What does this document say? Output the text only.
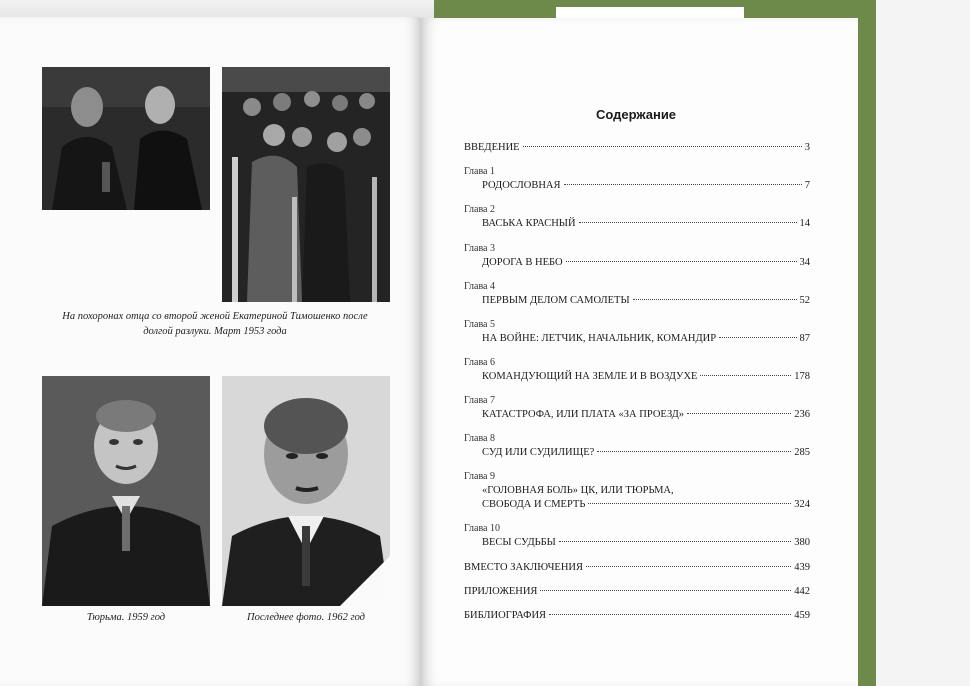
На похоронах отца со второй женой Екатериной Тимошенко после долгой разлуки. Март 1953 года
Тюрьма. 1959 год	Последнее фото. 1962 год
Содержание
ВВЕДЕНИЕ	3
Глава 1
РОДОСЛОВНАЯ	7
Глава 2
ВАСЬКА КРАСНЫЙ	14
Глава 3
ДОРОГА В НЕБО	34
Глава 4
ПЕРВЫМ ДЕЛОМ САМОЛЕТЫ	52
Глава 5
НА ВОЙНЕ: ЛЕТЧИК, НАЧАЛЬНИК, КОМАНДИР	87
Глава 6
КОМАНДУЮЩИЙ НА ЗЕМЛЕ И В ВОЗДУХЕ	178
Глава 7
КАТАСТРОФА, ИЛИ ПЛАТА «ЗА ПРОЕЗД»	236
Глава 8
СУД ИЛИ СУДИЛИЩЕ?	285
Глава 9
«ГОЛОВНАЯ БОЛЬ» ЦК, ИЛИ ТЮРЬМА,
СВОБОДА И СМЕРТЬ	324
Глава 10
ВЕСЫ СУДЬБЫ	380
ВМЕСТО ЗАКЛЮЧЕНИЯ	439
ПРИЛОЖЕНИЯ	442
БИБЛИОГРАФИЯ	459
